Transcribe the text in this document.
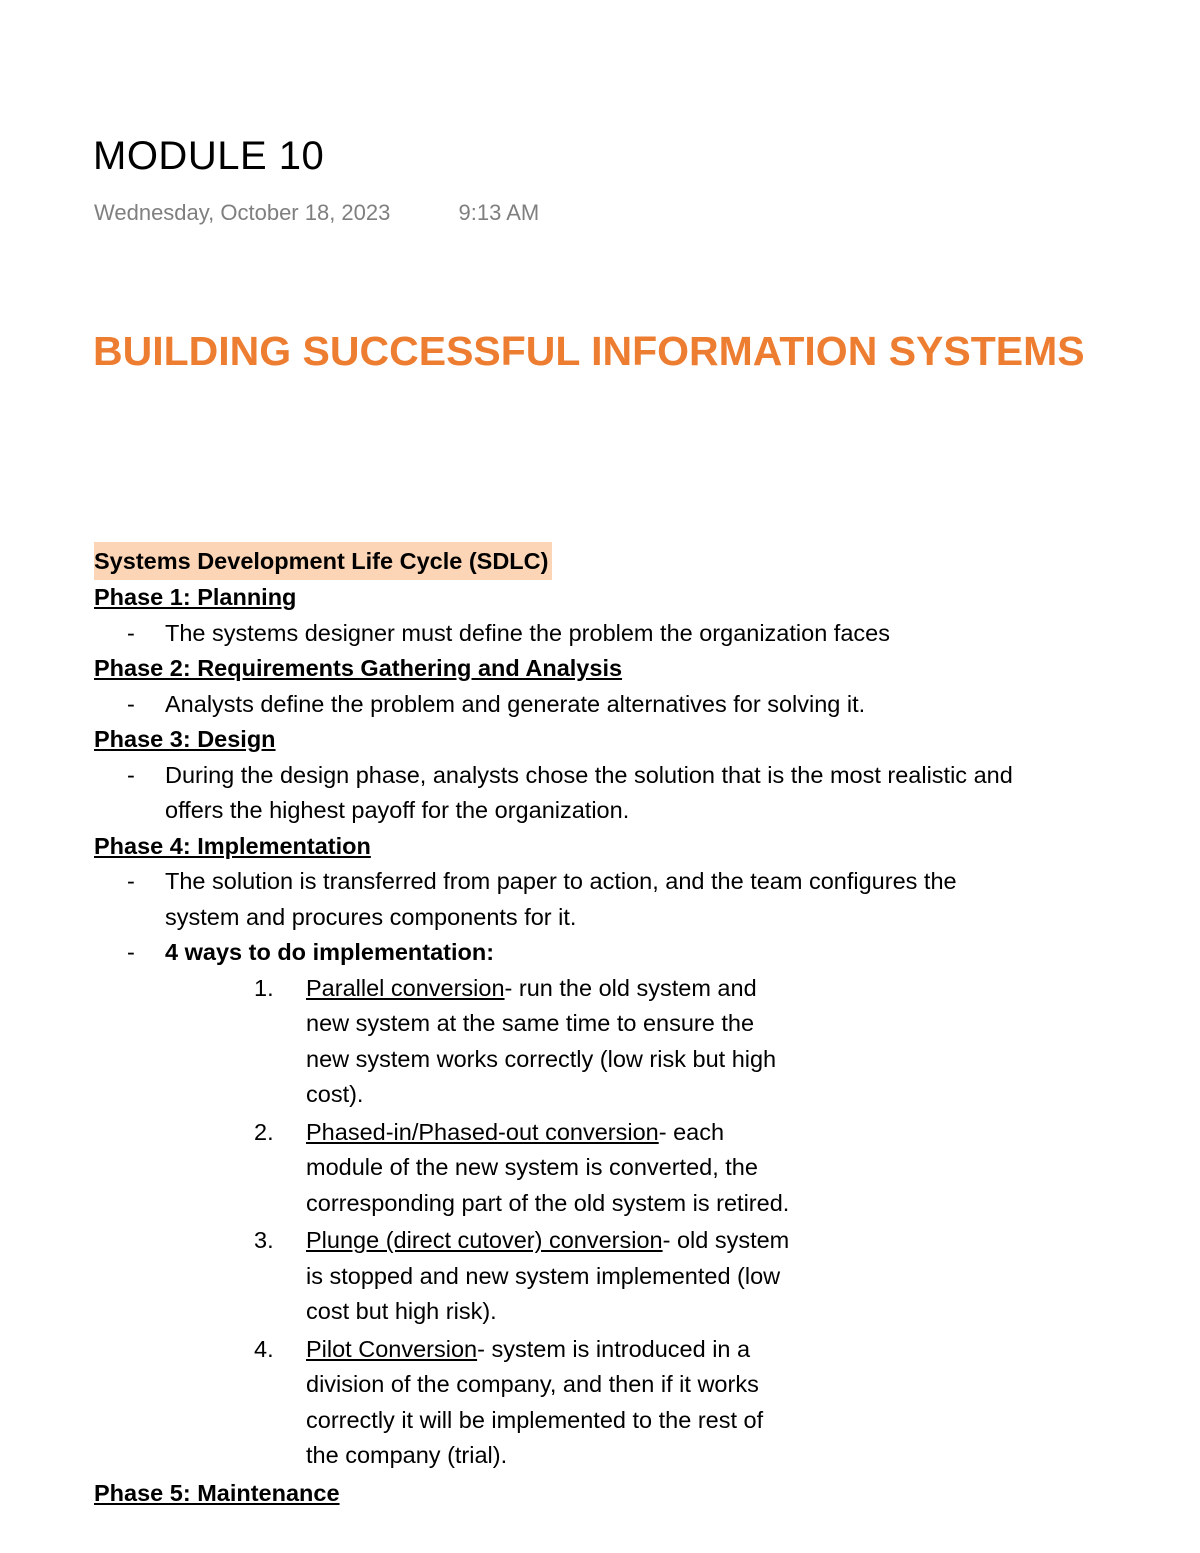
MODULE 10
Wednesday, October 18, 2023	9:13 AM
BUILDING SUCCESSFUL INFORMATION SYSTEMS
Systems Development Life Cycle (SDLC)

Phase 1: Planning

- The systems designer must define the problem the organization faces

Phase 2: Requirements Gathering and Analysis

- Analysts define the problem and generate alternatives for solving it.

Phase 3: Design

- During the design phase, analysts chose the solution that is the most realistic and offers the highest payoff for the organization.

Phase 4: Implementation

- The solution is transferred from paper to action, and the team configures the system and procures components for it.

- 4 ways to do implementation:

1. Parallel conversion- run the old system and new system at the same time to ensure the new system works correctly (low risk but high cost).

2. Phased-in/Phased-out conversion- each module of the new system is converted, the corresponding part of the old system is retired.

3. Plunge (direct cutover) conversion- old system is stopped and new system implemented (low cost but high risk).

4. Pilot Conversion- system is introduced in a division of the company, and then if it works correctly it will be implemented to the rest of the company (trial).

Phase 5: Maintenance
